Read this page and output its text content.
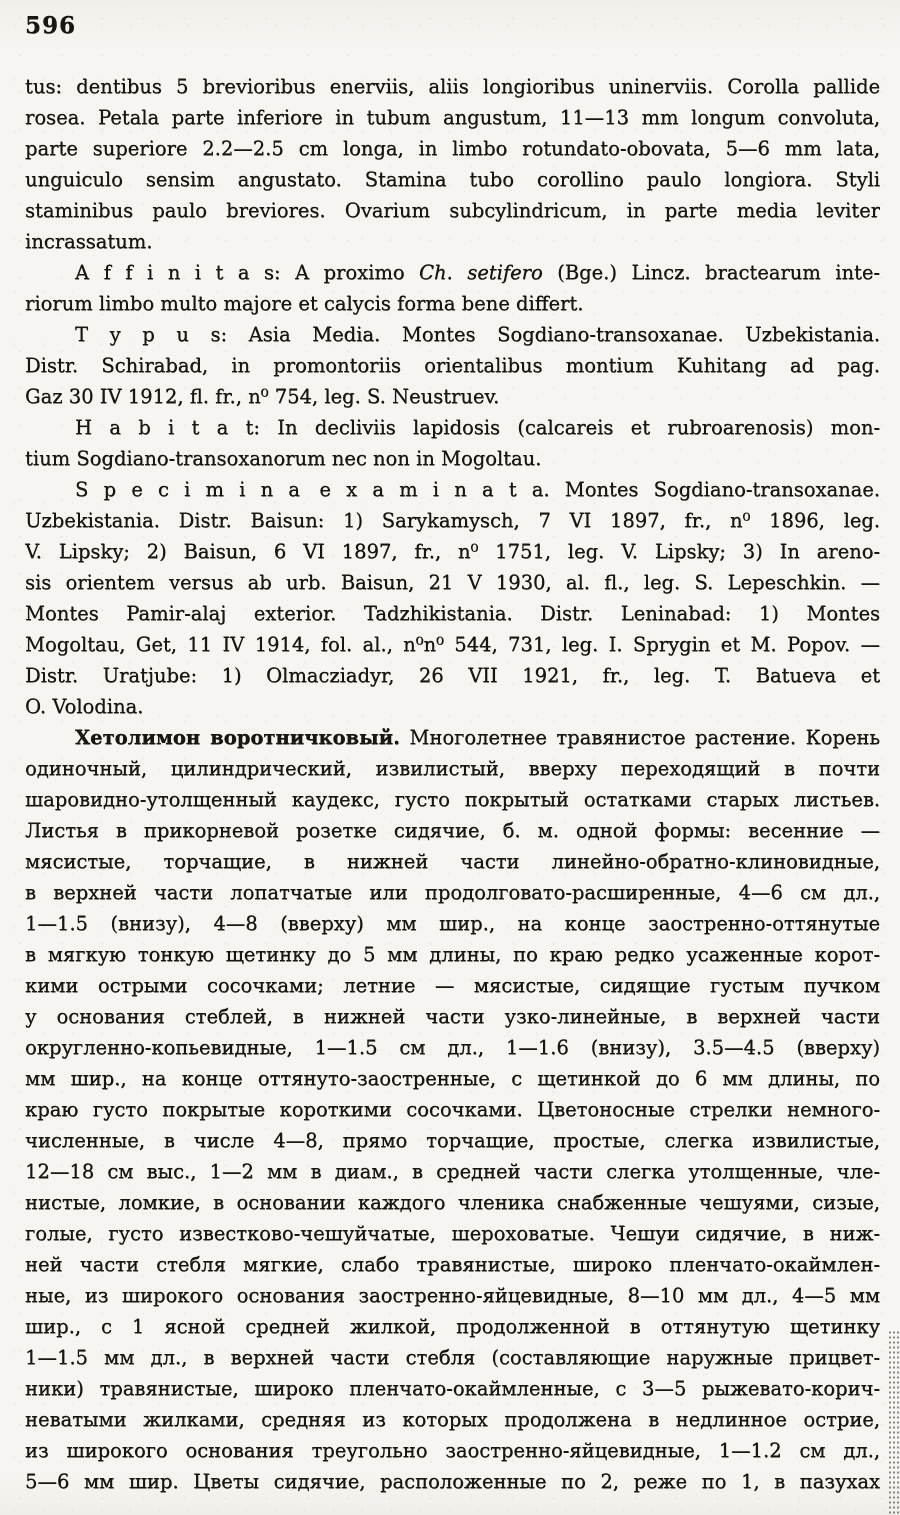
596
tus: dentibus 5 brevioribus enerviis, aliis longioribus uninerviis. Corolla pallide
rosea. Petala parte inferiore in tubum angustum, 11—13 mm longum convoluta,
parte superiore 2.2—2.5 cm longa, in limbo rotundato-obovata, 5—6 mm lata,
unguiculo sensim angustato. Stamina tubo corollino paulo longiora. Styli
staminibus paulo breviores. Ovarium subcylindricum, in parte media leviter
incrassatum.
A f f i n i t a s: A proximo Ch. setifero (Bge.) Lincz. bractearum inte-
riorum limbo multo majore et calycis forma bene differt.
T y p u s: Asia Media. Montes Sogdiano-transoxanae. Uzbekistania.
Distr. Schirabad, in promontoriis orientalibus montium Kuhitang ad pag.
Gaz 30 IV 1912, fl. fr., n⁰ 754, leg. S. Neustruev.
H a b i t a t: In decliviis lapidosis (calcareis et rubroarenosis) mon-
tium Sogdiano-transoxanorum nec non in Mogoltau.
S p e c i m i n a e x a m i n a t a. Montes Sogdiano-transoxanae.
Uzbekistania. Distr. Baisun: 1) Sarykamysch, 7 VI 1897, fr., n⁰ 1896, leg.
V. Lipsky; 2) Baisun, 6 VI 1897, fr., n⁰ 1751, leg. V. Lipsky; 3) In areno-
sis orientem versus ab urb. Baisun, 21 V 1930, al. fl., leg. S. Lepeschkin. —
Montes Pamir-alaj exterior. Tadzhikistania. Distr. Leninabad: 1) Montes
Mogoltau, Get, 11 IV 1914, fol. al., n⁰n⁰ 544, 731, leg. I. Sprygin et M. Popov. —
Distr. Uratjube: 1) Olmacziadyr, 26 VII 1921, fr., leg. T. Batueva et
O. Volodina.
Хетолимон воротничковый. Многолетнее травянистое растение. Корень
одиночный, цилиндрический, извилистый, вверху переходящий в почти
шаровидно-утолщенный каудекс, густо покрытый остатками старых листьев.
Листья в прикорневой розетке сидячие, б. м. одной формы: весенние —
мясистые, торчащие, в нижней части линейно-обратно-клиновидные,
в верхней части лопатчатые или продолговато-расширенные, 4—6 см дл.,
1—1.5 (внизу), 4—8 (вверху) мм шир., на конце заостренно-оттянутые
в мягкую тонкую щетинку до 5 мм длины, по краю редко усаженные корот-
кими острыми сосочками; летние — мясистые, сидящие густым пучком
у основания стеблей, в нижней части узко-линейные, в верхней части
округленно-копьевидные, 1—1.5 см дл., 1—1.6 (внизу), 3.5—4.5 (вверху)
мм шир., на конце оттянуто-заостренные, с щетинкой до 6 мм длины, по
краю густо покрытые короткими сосочками. Цветоносные стрелки немного-
численные, в числе 4—8, прямо торчащие, простые, слегка извилистые,
12—18 см выс., 1—2 мм в диам., в средней части слегка утолщенные, чле-
нистые, ломкие, в основании каждого членика снабженные чешуями, сизые,
голые, густо известково-чешуйчатые, шероховатые. Чешуи сидячие, в ниж-
ней части стебля мягкие, слабо травянистые, широко пленчато-окаймлен-
ные, из широкого основания заостренно-яйцевидные, 8—10 мм дл., 4—5 мм
шир., с 1 ясной средней жилкой, продолженной в оттянутую щетинку
1—1.5 мм дл., в верхней части стебля (составляющие наружные прицвет-
ники) травянистые, широко пленчато-окаймленные, с 3—5 рыжевато-корич-
неватыми жилками, средняя из которых продолжена в недлинное острие,
из широкого основания треугольно заостренно-яйцевидные, 1—1.2 см дл.,
5—6 мм шир. Цветы сидячие, расположенные по 2, реже по 1, в пазухах
